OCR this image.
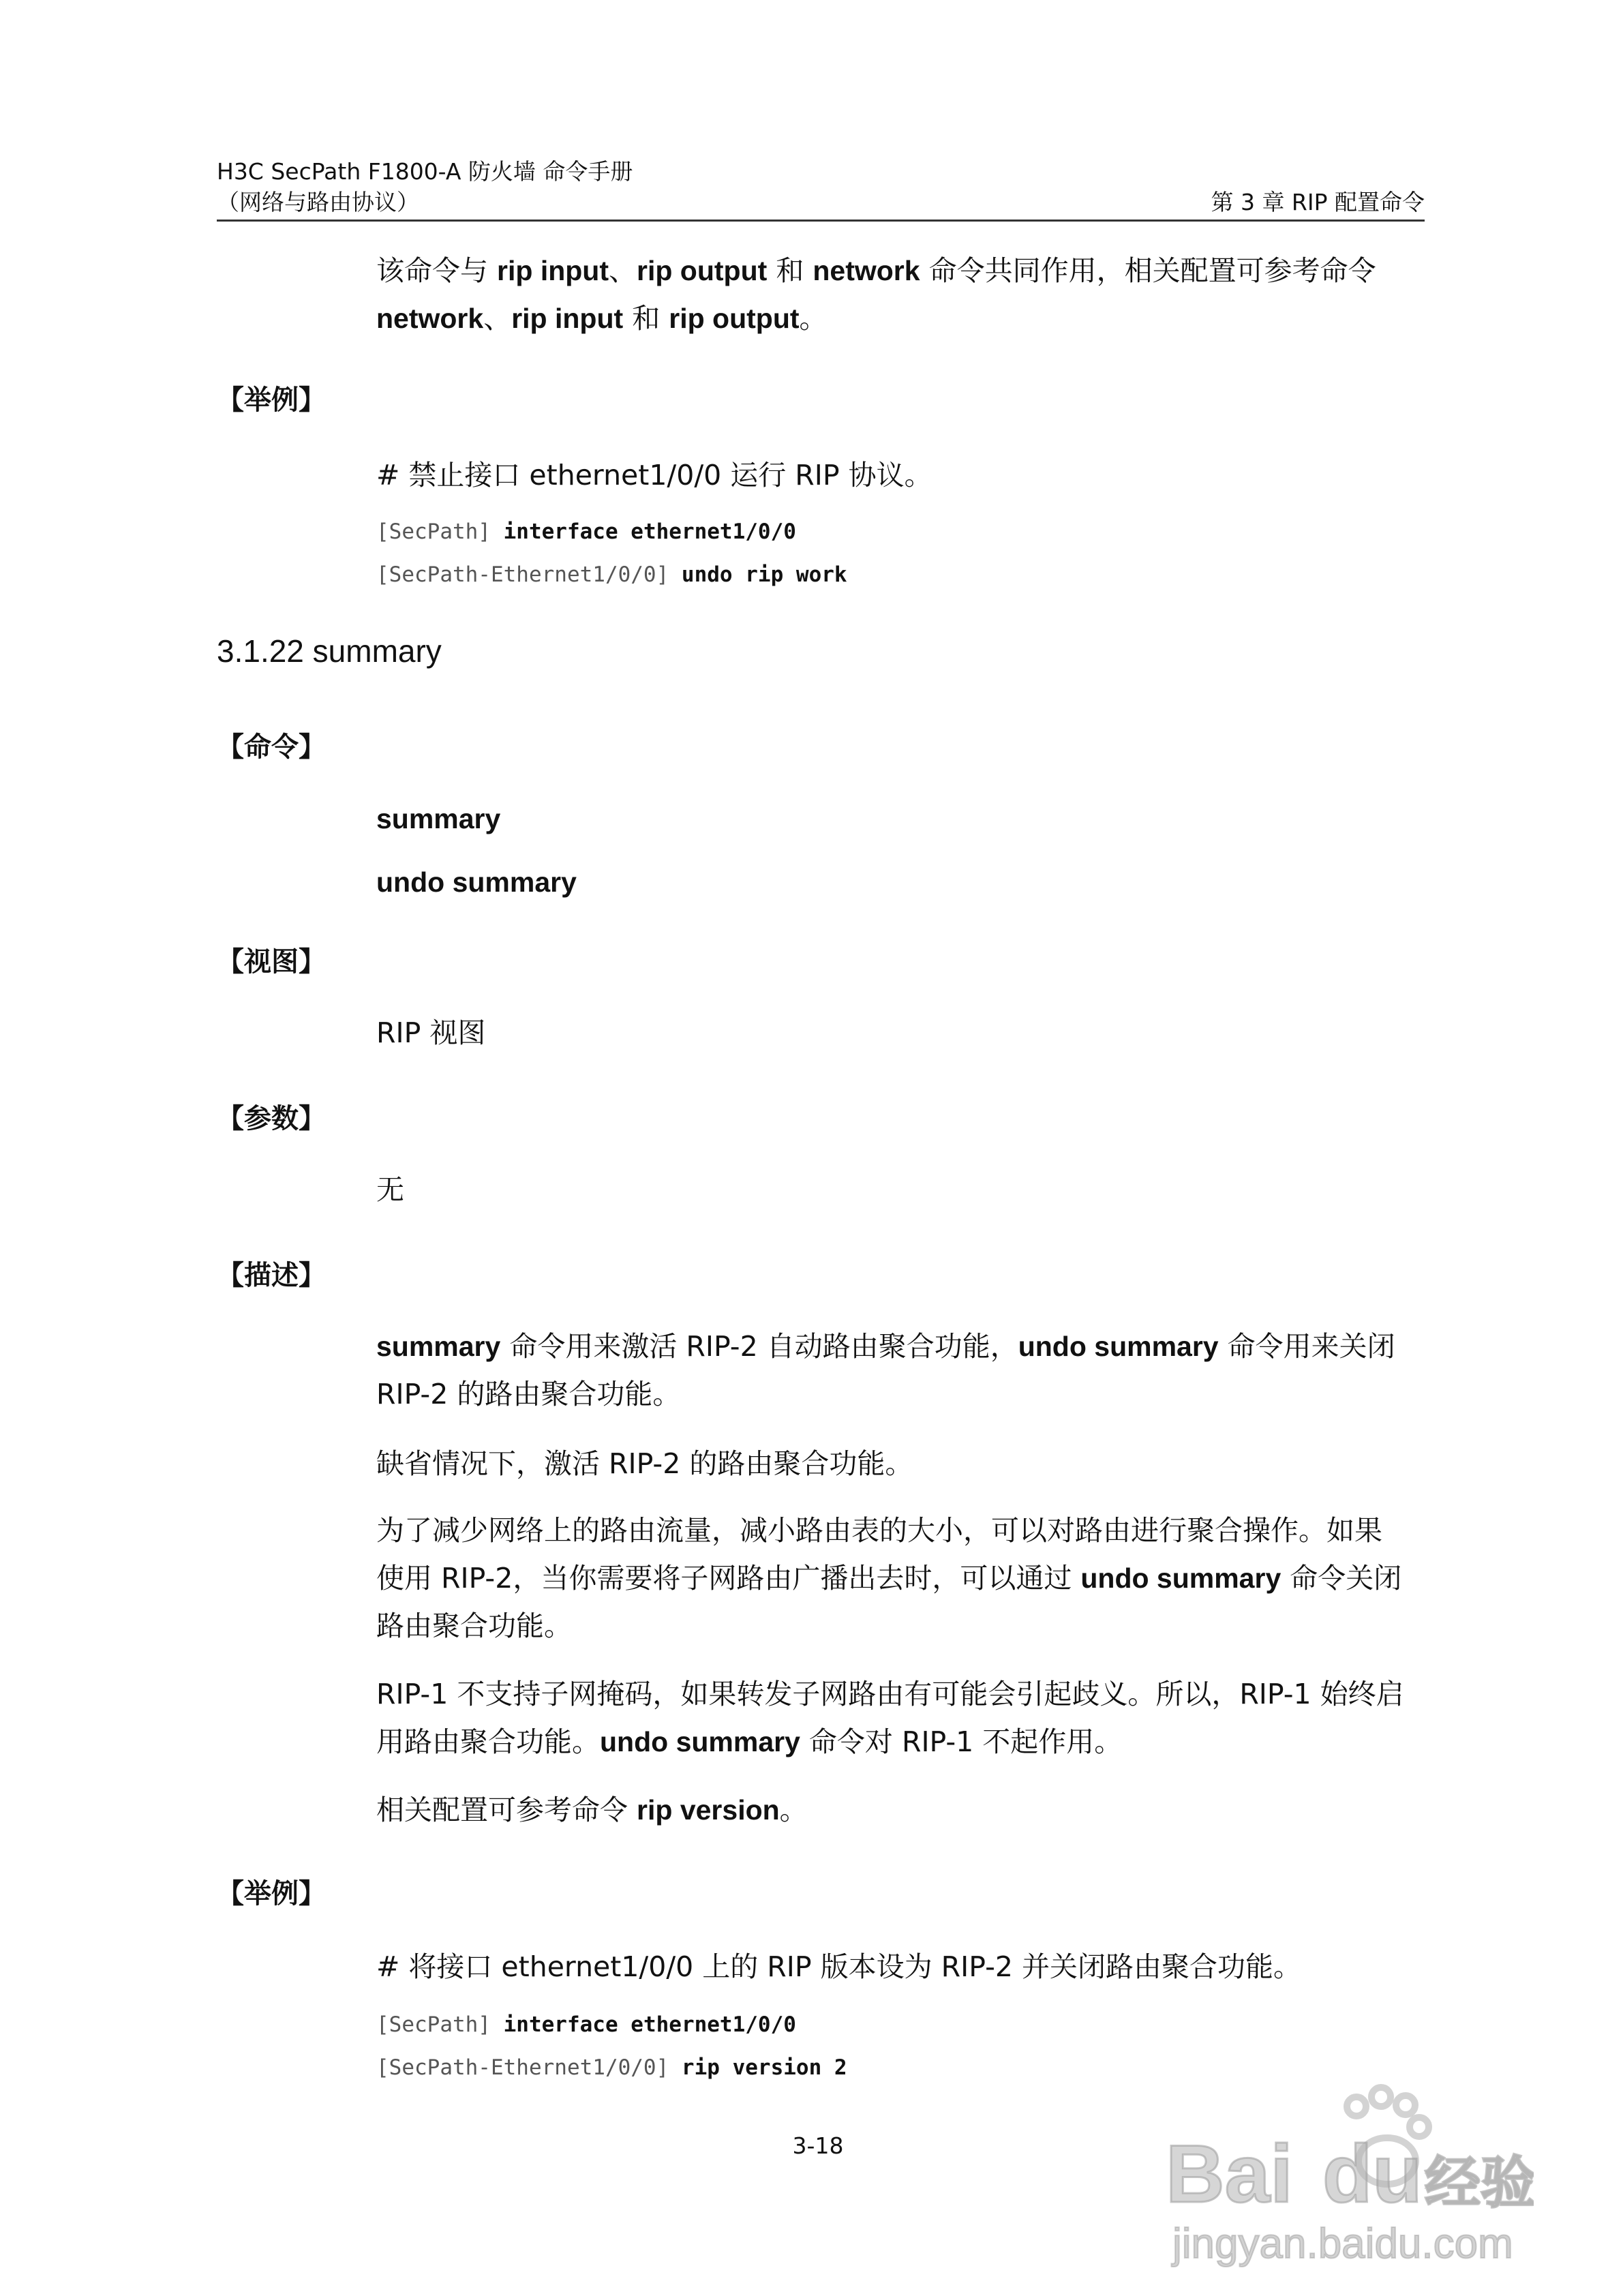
H3C SecPath F1800-A 防火墙 命令手册
（网络与路由协议）	第 3 章 RIP 配置命令
该命令与 rip input、rip output 和 network 命令共同作用，相关配置可参考命令
network、rip input 和 rip output。
【举例】
# 禁止接口 ethernet1/0/0 运行 RIP 协议。
[SecPath] interface ethernet1/0/0
[SecPath-Ethernet1/0/0] undo rip work
3.1.22 summary
【命令】
summary
undo summary
【视图】
RIP 视图
【参数】
无
【描述】
summary 命令用来激活 RIP-2 自动路由聚合功能，undo summary 命令用来关闭
RIP-2 的路由聚合功能。
缺省情况下，激活 RIP-2 的路由聚合功能。
为了减少网络上的路由流量，减小路由表的大小，可以对路由进行聚合操作。如果
使用 RIP-2，当你需要将子网路由广播出去时，可以通过 undo summary 命令关闭
路由聚合功能。
RIP-1 不支持子网掩码，如果转发子网路由有可能会引起歧义。所以，RIP-1 始终启
用路由聚合功能。undo summary 命令对 RIP-1 不起作用。
相关配置可参考命令 rip version。
【举例】
# 将接口 ethernet1/0/0 上的 RIP 版本设为 RIP-2 并关闭路由聚合功能。
[SecPath] interface ethernet1/0/0
[SecPath-Ethernet1/0/0] rip version 2
3-18	Bai du 经验
jingyan.baidu.com
